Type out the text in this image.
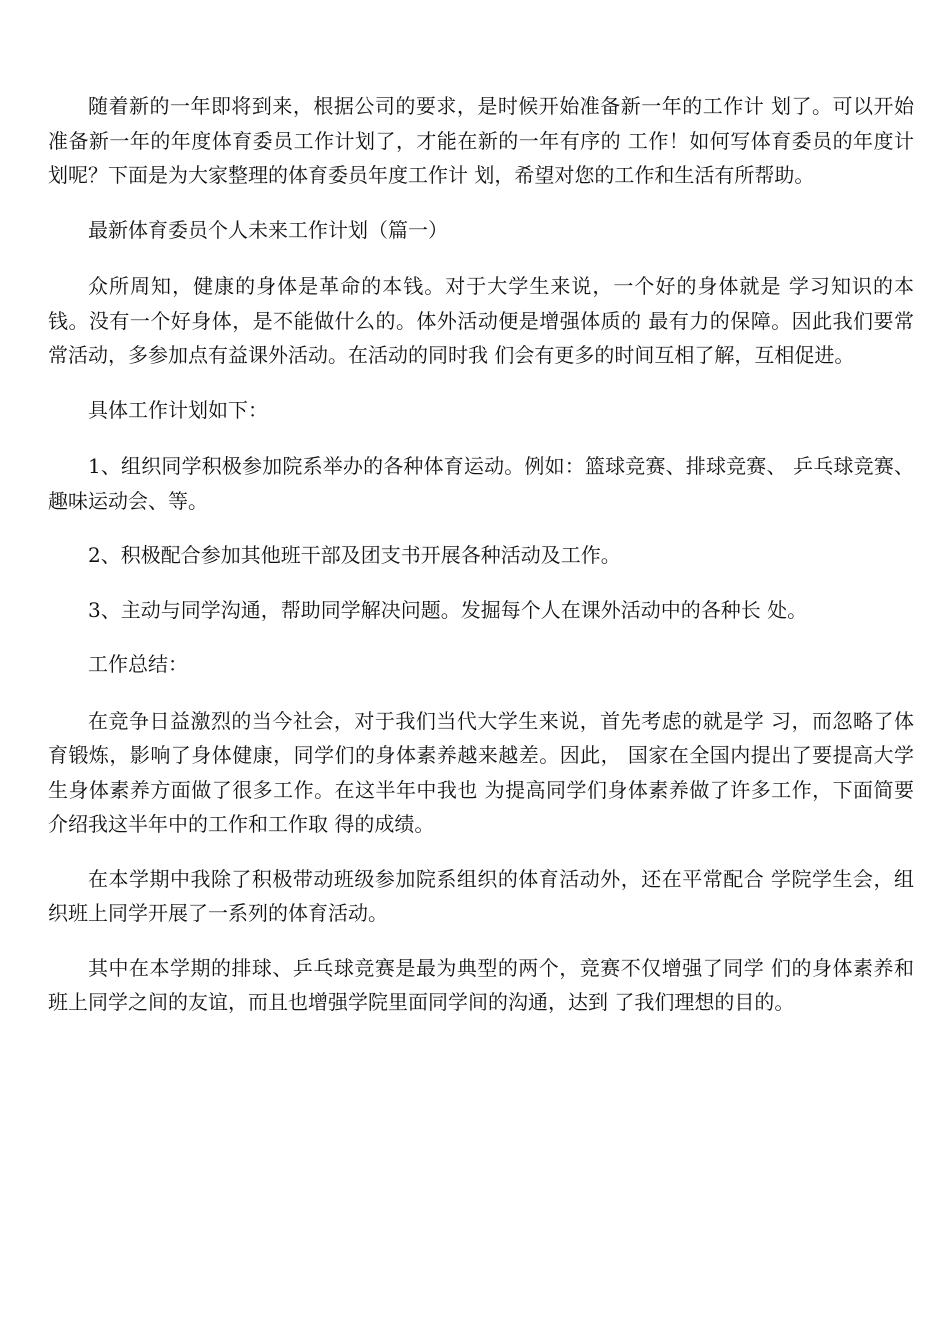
随着新的一年即将到来，根据公司的要求，是时候开始准备新一年的工作计 划了。可以开始准备新一年的年度体育委员工作计划了，才能在新的一年有序的 工作！如何写体育委员的年度计划呢？下面是为大家整理的体育委员年度工作计 划，希望对您的工作和生活有所帮助。

最新体育委员个人未来工作计划（篇一）

众所周知，健康的身体是革命的本钱。对于大学生来说，一个好的身体就是 学习知识的本钱。没有一个好身体，是不能做什么的。体外活动便是增强体质的 最有力的保障。因此我们要常常活动，多参加点有益课外活动。在活动的同时我 们会有更多的时间互相了解，互相促进。

具体工作计划如下：

1、组织同学积极参加院系举办的各种体育运动。例如：篮球竞赛、排球竞赛、 乒乓球竞赛、趣味运动会、等。

2、积极配合参加其他班干部及团支书开展各种活动及工作。

3、主动与同学沟通，帮助同学解决问题。发掘每个人在课外活动中的各种长 处。

工作总结：

在竞争日益激烈的当今社会，对于我们当代大学生来说，首先考虑的就是学 习，而忽略了体育锻炼，影响了身体健康，同学们的身体素养越来越差。因此， 国家在全国内提出了要提高大学生身体素养方面做了很多工作。在这半年中我也 为提高同学们身体素养做了许多工作，下面简要介绍我这半年中的工作和工作取 得的成绩。

在本学期中我除了积极带动班级参加院系组织的体育活动外，还在平常配合 学院学生会，组织班上同学开展了一系列的体育活动。

其中在本学期的排球、乒乓球竞赛是最为典型的两个，竞赛不仅增强了同学 们的身体素养和班上同学之间的友谊，而且也增强学院里面同学间的沟通，达到 了我们理想的目的。
